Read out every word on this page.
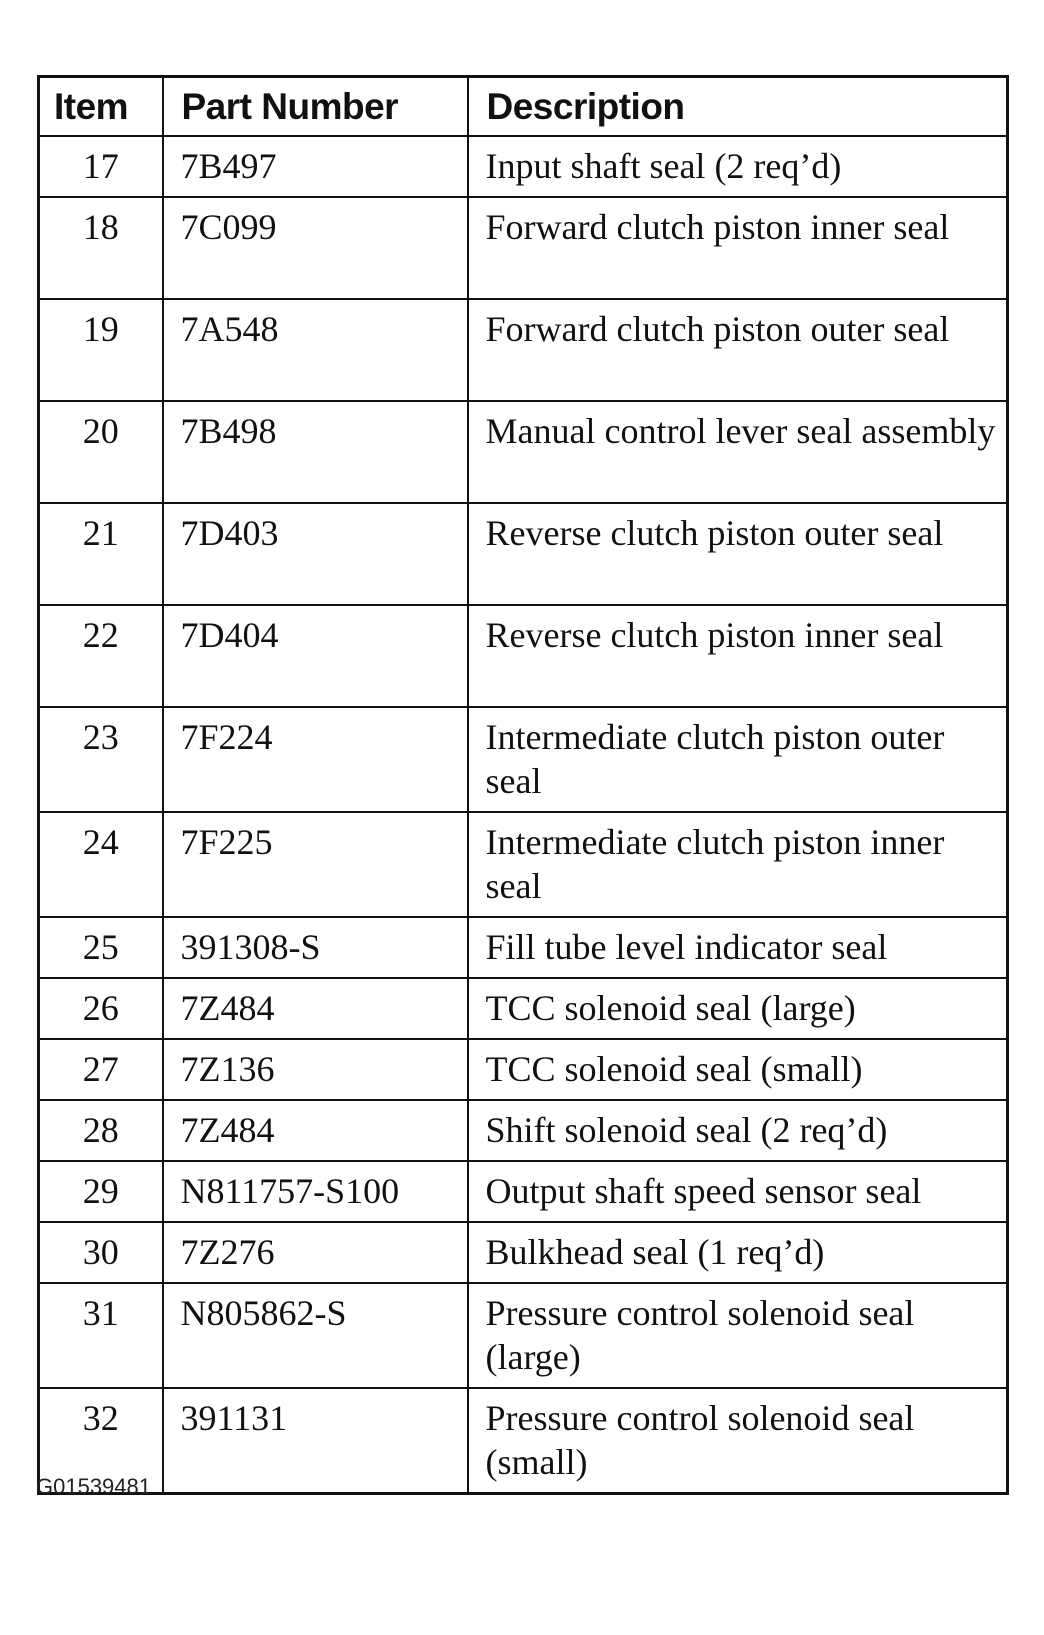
Item	Part Number	Description
17	7B497	Input shaft seal (2 req’d)
18	7C099	Forward clutch piston inner seal
19	7A548	Forward clutch piston outer seal
20	7B498	Manual control lever seal assembly
21	7D403	Reverse clutch piston outer seal
22	7D404	Reverse clutch piston inner seal
23	7F224	Intermediate clutch piston outer seal
24	7F225	Intermediate clutch piston inner seal
25	391308-S	Fill tube level indicator seal
26	7Z484	TCC solenoid seal (large)
27	7Z136	TCC solenoid seal (small)
28	7Z484	Shift solenoid seal (2 req’d)
29	N811757-S100	Output shaft speed sensor seal
30	7Z276	Bulkhead seal (1 req’d)
31	N805862-S	Pressure control solenoid seal (large)
32	391131	Pressure control solenoid seal (small)
G01539481
